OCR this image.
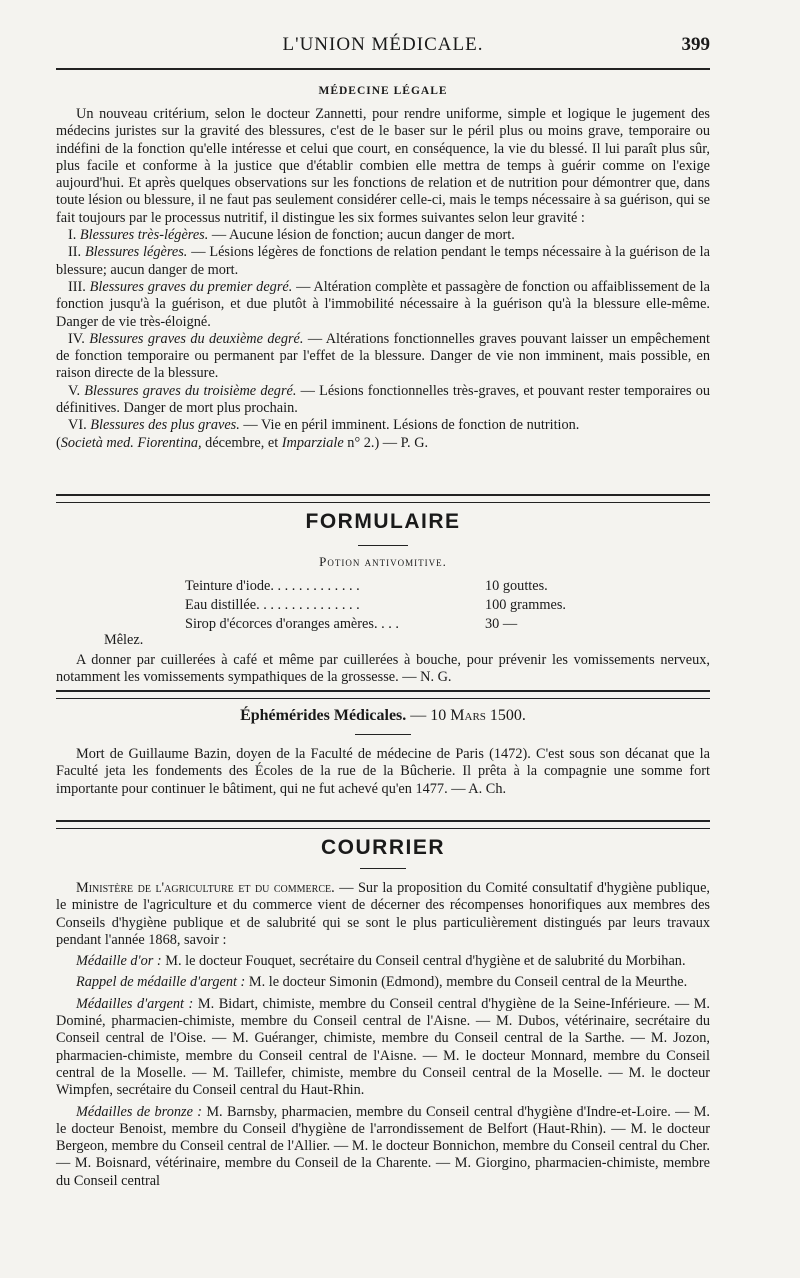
L'UNION MÉDICALE.	399
MÉDECINE LÉGALE

Un nouveau critérium, selon le docteur Zannetti, pour rendre uniforme, simple et logique le jugement des médecins juristes sur la gravité des blessures, c'est de le baser sur le péril plus ou moins grave, temporaire ou indéfini de la fonction qu'elle intéresse et celui que court, en conséquence, la vie du blessé. Il lui paraît plus sûr, plus facile et conforme à la justice que d'établir combien elle mettra de temps à guérir comme on l'exige aujourd'hui. Et après quelques observations sur les fonctions de relation et de nutrition pour démontrer que, dans toute lésion ou blessure, il ne faut pas seulement considérer celle-ci, mais le temps nécessaire à sa guérison, qui se fait toujours par le processus nutritif, il distingue les six formes suivantes selon leur gravité :

I. Blessures très-légères. — Aucune lésion de fonction; aucun danger de mort.

II. Blessures légères. — Lésions légères de fonctions de relation pendant le temps nécessaire à la guérison de la blessure; aucun danger de mort.

III. Blessures graves du premier degré. — Altération complète et passagère de fonction ou affaiblissement de la fonction jusqu'à la guérison, et due plutôt à l'immobilité nécessaire à la guérison qu'à la blessure elle-même. Danger de vie très-éloigné.

IV. Blessures graves du deuxième degré. — Altérations fonctionnelles graves pouvant laisser un empêchement de fonction temporaire ou permanent par l'effet de la blessure. Danger de vie non imminent, mais possible, en raison directe de la blessure.

V. Blessures graves du troisième degré. — Lésions fonctionnelles très-graves, et pouvant rester temporaires ou définitives. Danger de mort plus prochain.

VI. Blessures des plus graves. — Vie en péril imminent. Lésions de fonction de nutrition.

(Società med. Fiorentina, décembre, et Imparziale n° 2.) — P. G.

FORMULAIRE
Potion antivomitive.
Teinture d'iode. . . . . . . . . . . . .	10 gouttes.
Eau distillée. . . . . . . . . . . . . . .	100 grammes.
Sirop d'écorces d'oranges amères. . . .	30 —
Mêlez.

A donner par cuillerées à café et même par cuillerées à bouche, pour prévenir les vomissements nerveux, notamment les vomissements sympathiques de la grossesse. — N. G.

Éphémérides Médicales. — 10 Mars 1500.

Mort de Guillaume Bazin, doyen de la Faculté de médecine de Paris (1472). C'est sous son décanat que la Faculté jeta les fondements des Écoles de la rue de la Bûcherie. Il prêta à la compagnie une somme fort importante pour continuer le bâtiment, qui ne fut achevé qu'en 1477. — A. Ch.

COURRIER

Ministère de l'agriculture et du commerce. — Sur la proposition du Comité consultatif d'hygiène publique, le ministre de l'agriculture et du commerce vient de décerner des récompenses honorifiques aux membres des Conseils d'hygiène publique et de salubrité qui se sont le plus particulièrement distingués par leurs travaux pendant l'année 1868, savoir :

Médaille d'or : M. le docteur Fouquet, secrétaire du Conseil central d'hygiène et de salubrité du Morbihan.

Rappel de médaille d'argent : M. le docteur Simonin (Edmond), membre du Conseil central de la Meurthe.

Médailles d'argent : M. Bidart, chimiste, membre du Conseil central d'hygiène de la Seine-Inférieure. — M. Dominé, pharmacien-chimiste, membre du Conseil central de l'Aisne. — M. Dubos, vétérinaire, secrétaire du Conseil central de l'Oise. — M. Guéranger, chimiste, membre du Conseil central de la Sarthe. — M. Jozon, pharmacien-chimiste, membre du Conseil central de l'Aisne. — M. le docteur Monnard, membre du Conseil central de la Moselle. — M. Taillefer, chimiste, membre du Conseil central de la Moselle. — M. le docteur Wimpfen, secrétaire du Conseil central du Haut-Rhin.

Médailles de bronze : M. Barnsby, pharmacien, membre du Conseil central d'hygiène d'Indre-et-Loire. — M. le docteur Benoist, membre du Conseil d'hygiène de l'arrondissement de Belfort (Haut-Rhin). — M. le docteur Bergeon, membre du Conseil central de l'Allier. — M. le docteur Bonnichon, membre du Conseil central du Cher. — M. Boisnard, vétérinaire, membre du Conseil de la Charente. — M. Giorgino, pharmacien-chimiste, membre du Conseil central
